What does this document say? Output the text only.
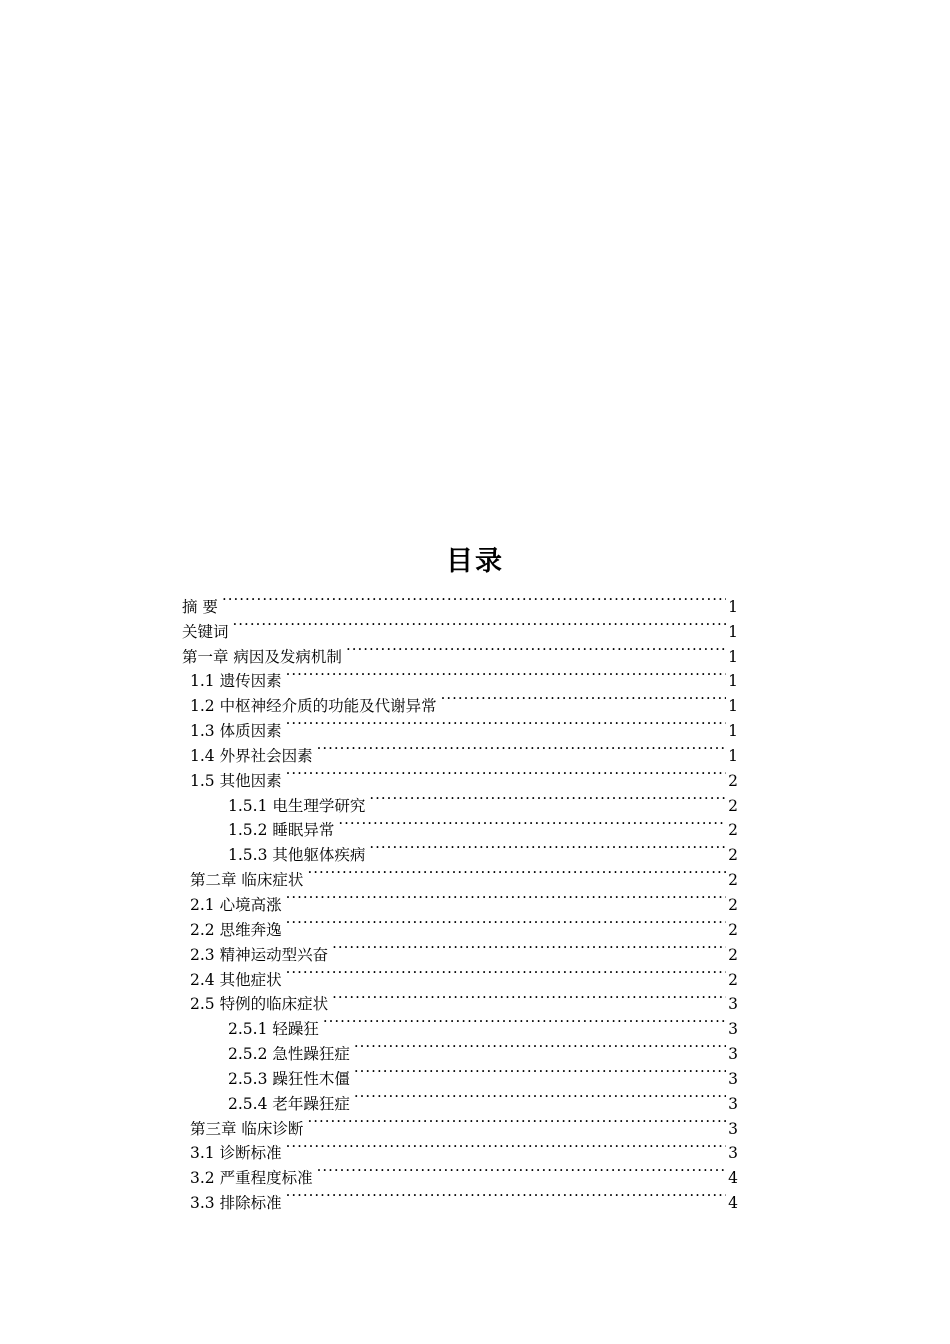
目录
摘 要 ·····	1
关键词 ·····	1
第一章 病因及发病机制 ·····	1
1.1 遗传因素 ·····	1
1.2 中枢神经介质的功能及代谢异常 ·····	1
1.3 体质因素 ·····	1
1.4 外界社会因素 ·····	1
1.5 其他因素 ·····	2
1.5.1 电生理学研究 ·····	2
1.5.2 睡眠异常 ·····	2
1.5.3 其他躯体疾病 ·····	2
第二章 临床症状 ·····	2
2.1 心境高涨 ·····	2
2.2 思维奔逸 ·····	2
2.3 精神运动型兴奋 ·····	2
2.4 其他症状 ·····	2
2.5 特例的临床症状 ·····	3
2.5.1 轻躁狂 ·····	3
2.5.2 急性躁狂症 ·····	3
2.5.3 躁狂性木僵 ·····	3
2.5.4 老年躁狂症 ·····	3
第三章 临床诊断 ·····	3
3.1 诊断标准 ·····	3
3.2 严重程度标准 ·····	4
3.3 排除标准 ·····	4
